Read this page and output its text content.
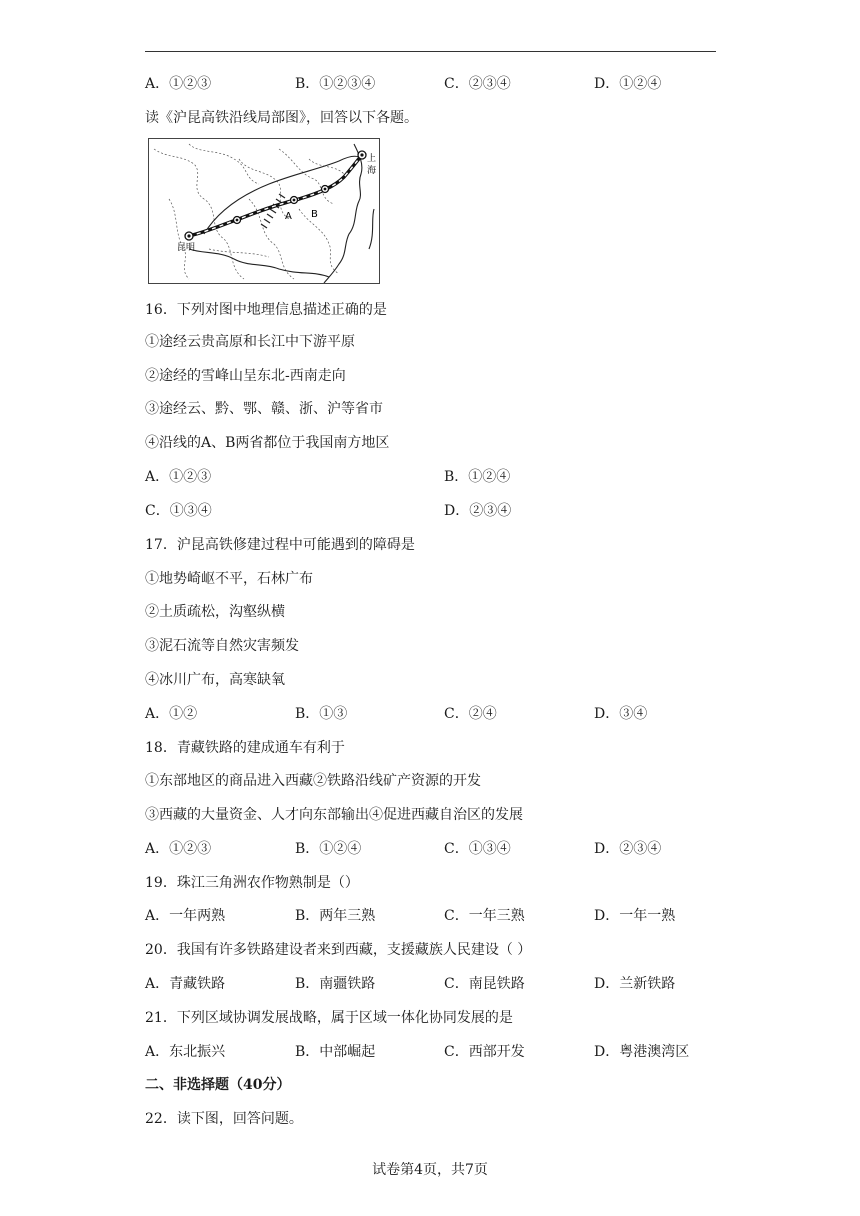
A．①②③	B．①②③④	C．②③④	D．①②④
读《沪昆高铁沿线局部图》，回答以下各题。
上
海
昆明
A B
16．下列对图中地理信息描述正确的是
①途经云贵高原和长江中下游平原
②途经的雪峰山呈东北-西南走向
③途经云、黔、鄂、赣、浙、沪等省市
④沿线的A、B两省都位于我国南方地区
A．①②③	B．①②④
C．①③④	D．②③④
17．沪昆高铁修建过程中可能遇到的障碍是
①地势崎岖不平，石林广布
②土质疏松，沟壑纵横
③泥石流等自然灾害频发
④冰川广布，高寒缺氧
A．①②	B．①③	C．②④	D．③④
18．青藏铁路的建成通车有利于
①东部地区的商品进入西藏②铁路沿线矿产资源的开发
③西藏的大量资金、人才向东部输出④促进西藏自治区的发展
A．①②③	B．①②④	C．①③④	D．②③④
19．珠江三角洲农作物熟制是（）
A．一年两熟	B．两年三熟	C．一年三熟	D．一年一熟
20．我国有许多铁路建设者来到西藏，支援藏族人民建设（ ）
A．青藏铁路	B．南疆铁路	C．南昆铁路	D．兰新铁路
21．下列区域协调发展战略，属于区域一体化协同发展的是
A．东北振兴	B．中部崛起	C．西部开发	D．粤港澳湾区
二、非选择题（40分）
22．读下图，回答问题。
试卷第4页，共7页
